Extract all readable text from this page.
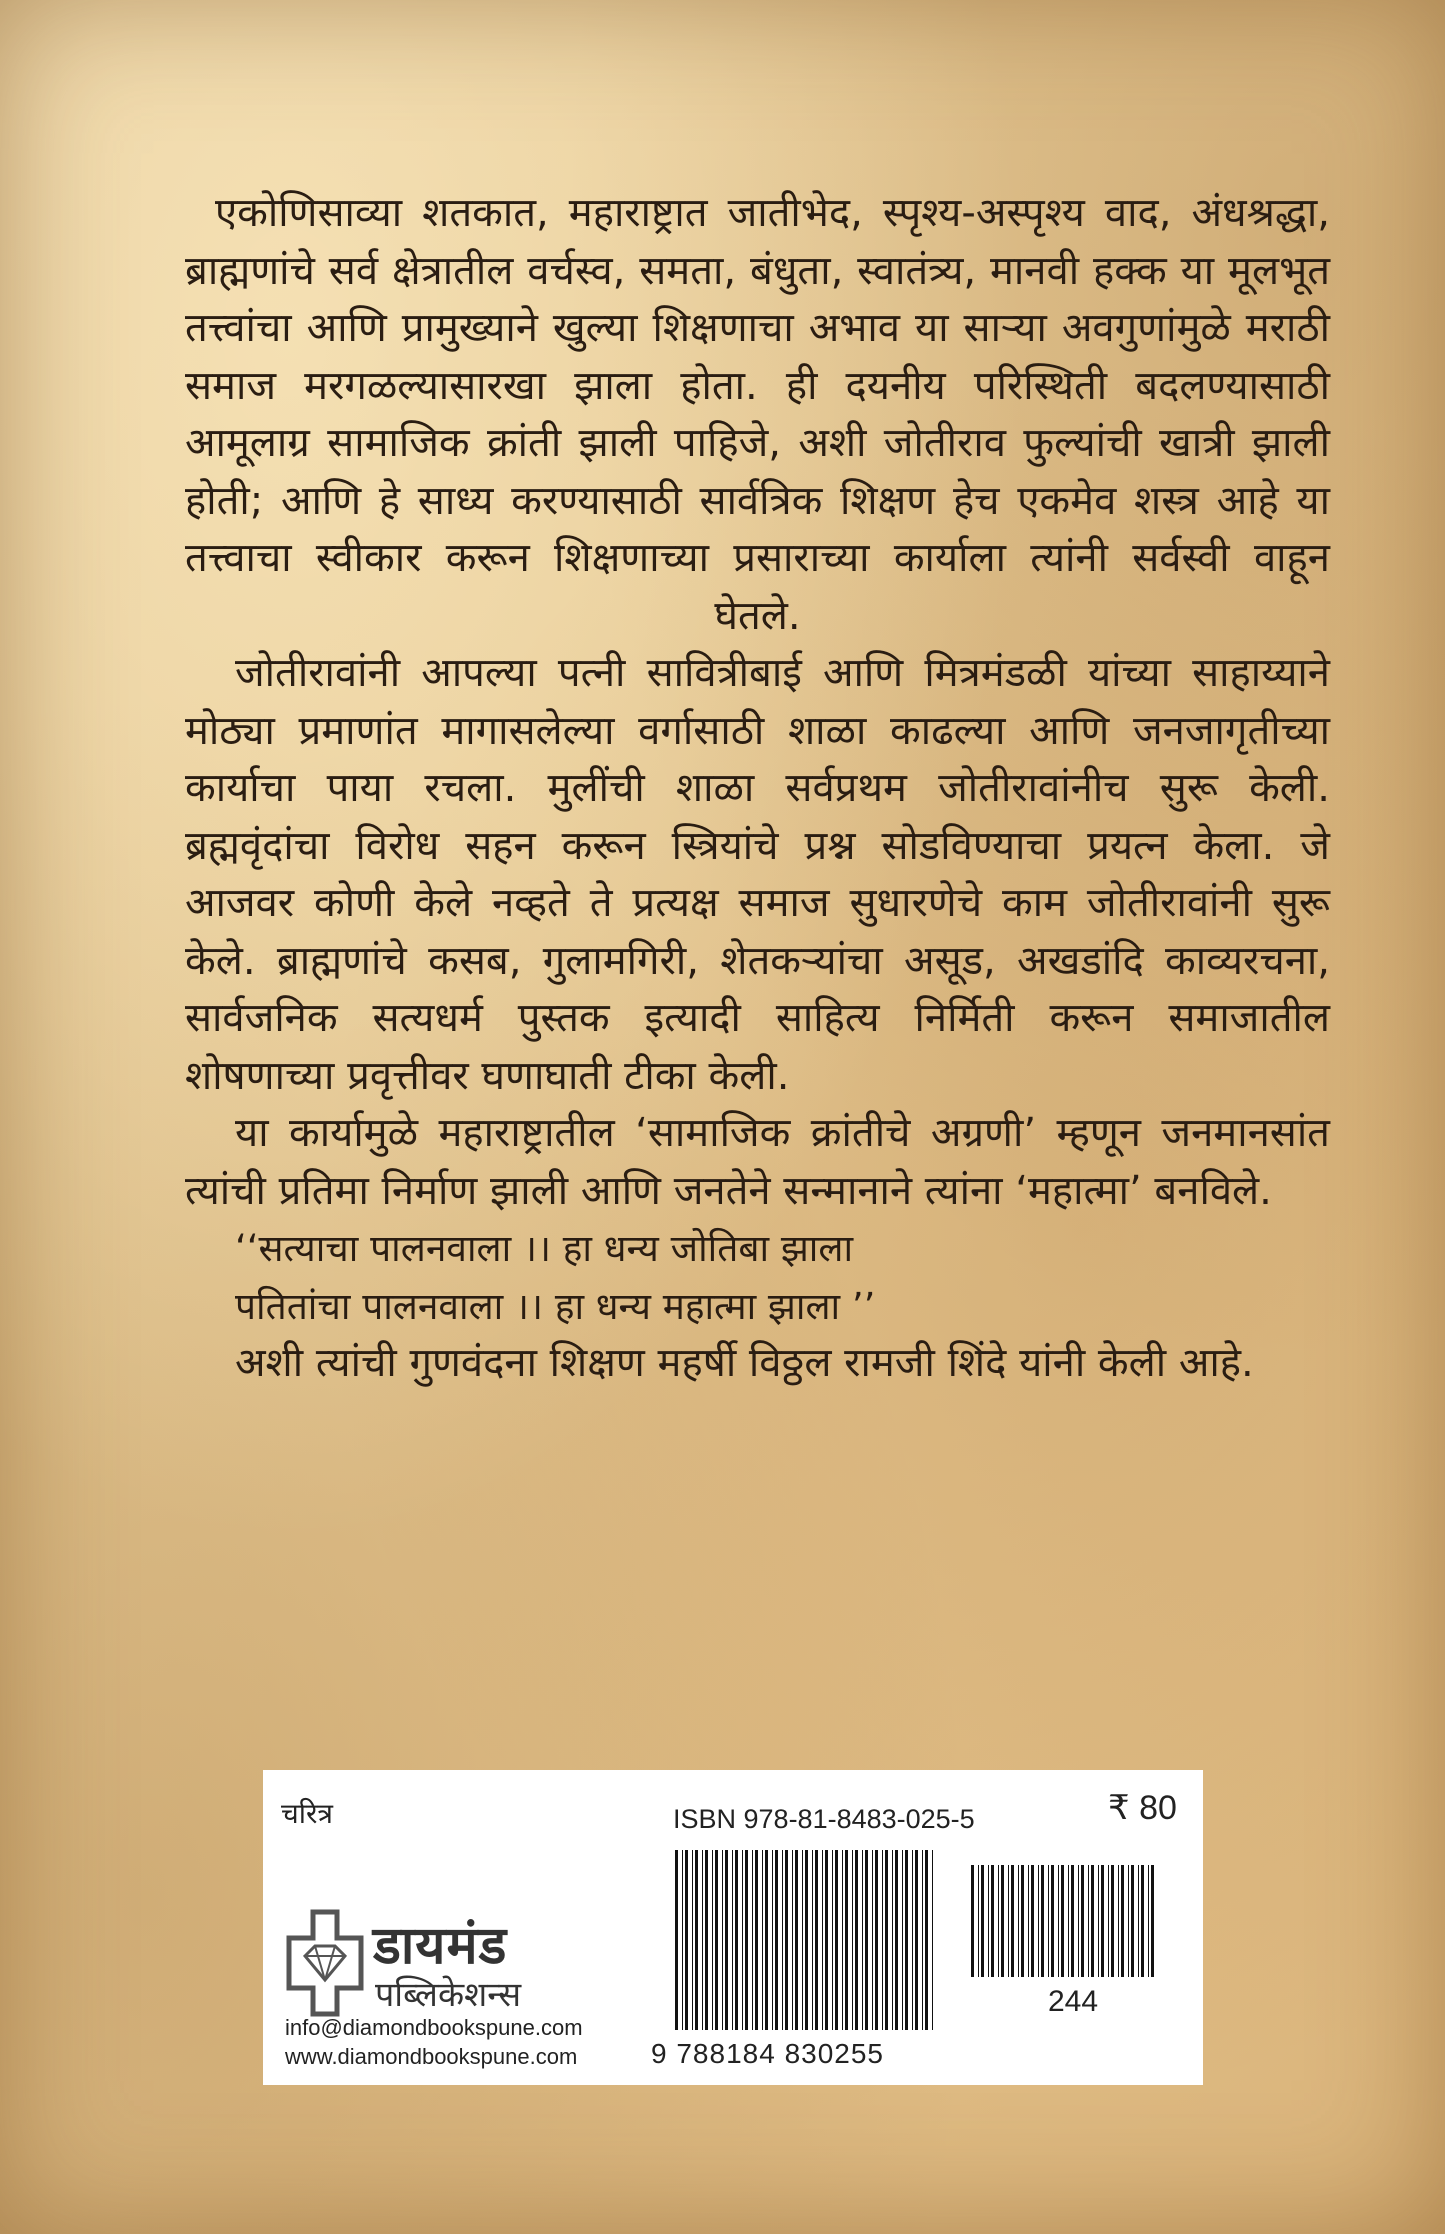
एकोणिसाव्या शतकात, महाराष्ट्रात जातीभेद, स्पृश्य-अस्पृश्य वाद, अंधश्रद्धा, ब्राह्मणांचे सर्व क्षेत्रातील वर्चस्व, समता, बंधुता, स्वातंत्र्य, मानवी हक्क या मूलभूत तत्त्वांचा आणि प्रामुख्याने खुल्या शिक्षणाचा अभाव या साऱ्या अवगुणांमुळे मराठी समाज मरगळल्यासारखा झाला होता. ही दयनीय परिस्थिती बदलण्यासाठी आमूलाग्र सामाजिक क्रांती झाली पाहिजे, अशी जोतीराव फुल्यांची खात्री झाली होती; आणि हे साध्य करण्यासाठी सार्वत्रिक शिक्षण हेच एकमेव शस्त्र आहे या तत्त्वाचा स्वीकार करून शिक्षणाच्या प्रसाराच्या कार्याला त्यांनी सर्वस्वी वाहून घेतले.

जोतीरावांनी आपल्या पत्नी सावित्रीबाई आणि मित्रमंडळी यांच्या साहाय्याने मोठ्या प्रमाणांत मागासलेल्या वर्गासाठी शाळा काढल्या आणि जनजागृतीच्या कार्याचा पाया रचला. मुलींची शाळा सर्वप्रथम जोतीरावांनीच सुरू केली. ब्रह्मवृंदांचा विरोध सहन करून स्त्रियांचे प्रश्न सोडविण्याचा प्रयत्न केला. जे आजवर कोणी केले नव्हते ते प्रत्यक्ष समाज सुधारणेचे काम जोतीरावांनी सुरू केले. ब्राह्मणांचे कसब, गुलामगिरी, शेतकऱ्यांचा असूड, अखडांदि काव्यरचना, सार्वजनिक सत्यधर्म पुस्तक इत्यादी साहित्य निर्मिती करून समाजातील शोषणाच्या प्रवृत्तीवर घणाघाती टीका केली.

या कार्यामुळे महाराष्ट्रातील ‘सामाजिक क्रांतीचे अग्रणी’ म्हणून जनमानसांत त्यांची प्रतिमा निर्माण झाली आणि जनतेने सन्मानाने त्यांना ‘महात्मा’ बनविले.

‘‘सत्याचा पालनवाला ।। हा धन्य जोतिबा झाला
पतितांचा पालनवाला ।। हा धन्य महात्मा झाला ’’

अशी त्यांची गुणवंदना शिक्षण महर्षी विठ्ठल रामजी शिंदे यांनी केली आहे.

चरित्र	ISBN 978-81-8483-025-5	₹ 80
डायमंड
पब्लिकेशन्स
info@diamondbookspune.com
www.diamondbookspune.com	9 788184 830255
244
